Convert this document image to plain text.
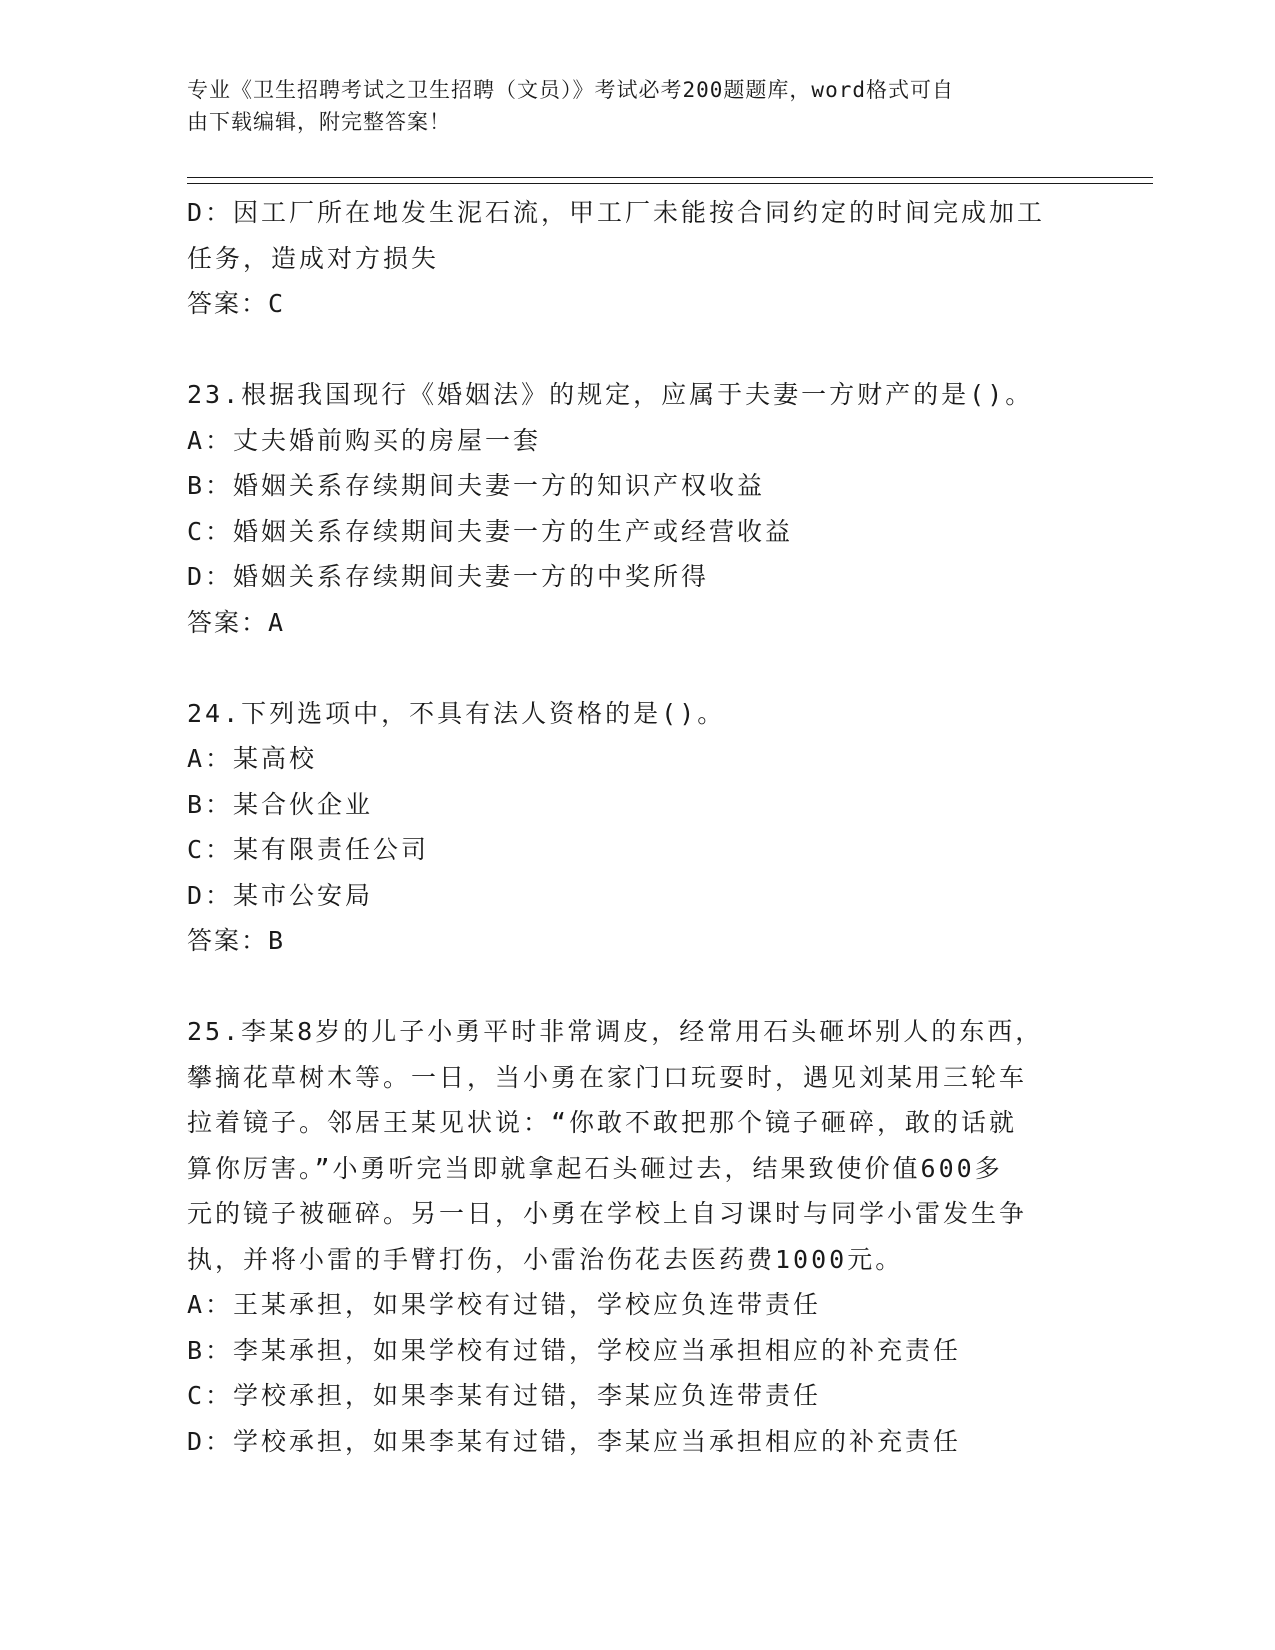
专业《卫生招聘考试之卫生招聘（文员）》考试必考200题题库，word格式可自
由下载编辑，附完整答案！
D：因工厂所在地发生泥石流，甲工厂未能按合同约定的时间完成加工
任务，造成对方损失
答案：C
23.根据我国现行《婚姻法》的规定，应属于夫妻一方财产的是()。
A：丈夫婚前购买的房屋一套
B：婚姻关系存续期间夫妻一方的知识产权收益
C：婚姻关系存续期间夫妻一方的生产或经营收益
D：婚姻关系存续期间夫妻一方的中奖所得
答案：A
24.下列选项中，不具有法人资格的是()。
A：某高校
B：某合伙企业
C：某有限责任公司
D：某市公安局
答案：B
25.李某8岁的儿子小勇平时非常调皮，经常用石头砸坏别人的东西，
攀摘花草树木等。一日，当小勇在家门口玩耍时，遇见刘某用三轮车
拉着镜子。邻居王某见状说：“你敢不敢把那个镜子砸碎，敢的话就
算你厉害。”小勇听完当即就拿起石头砸过去，结果致使价值600多
元的镜子被砸碎。另一日，小勇在学校上自习课时与同学小雷发生争
执，并将小雷的手臂打伤，小雷治伤花去医药费1000元。
A：王某承担，如果学校有过错，学校应负连带责任
B：李某承担，如果学校有过错，学校应当承担相应的补充责任
C：学校承担，如果李某有过错，李某应负连带责任
D：学校承担，如果李某有过错，李某应当承担相应的补充责任
